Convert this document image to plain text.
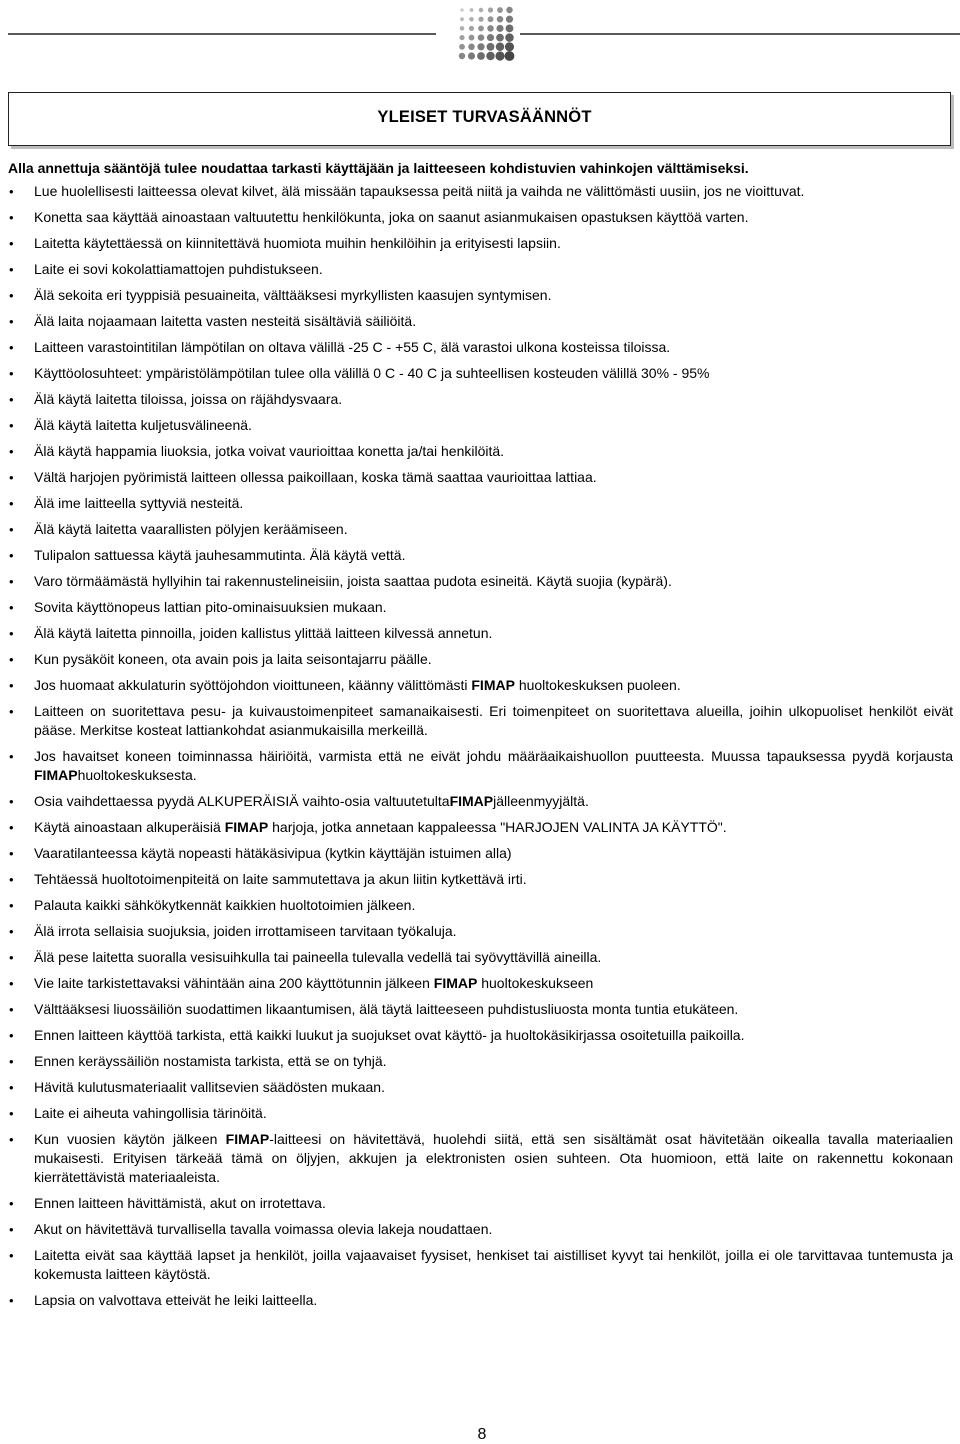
YLEISET TURVASÄÄNNÖT
Alla annettuja sääntöjä tulee noudattaa tarkasti käyttäjään ja laitteeseen kohdistuvien vahinkojen välttämiseksi.
• Lue huolellisesti laitteessa olevat kilvet, älä missään tapauksessa peitä niitä ja vaihda ne välittömästi uusiin, jos ne vioittuvat.
• Konetta saa käyttää ainoastaan valtuutettu henkilökunta, joka on saanut asianmukaisen opastuksen käyttöä varten.
• Laitetta käytettäessä on kiinnitettävä huomiota muihin henkilöihin ja erityisesti lapsiin.
• Laite ei sovi kokolattiamattojen puhdistukseen.
• Älä sekoita eri tyyppisiä pesuaineita, välttääksesi myrkyllisten kaasujen syntymisen.
• Älä laita nojaamaan laitetta vasten nesteitä sisältäviä säiliöitä.
• Laitteen varastointitilan lämpötilan on oltava välillä -25 C - +55 C, älä varastoi ulkona kosteissa tiloissa.
• Käyttöolosuhteet: ympäristölämpötilan tulee olla välillä 0 C - 40 C ja suhteellisen kosteuden välillä 30% - 95%
• Älä käytä laitetta tiloissa, joissa on räjähdysvaara.
• Älä käytä laitetta kuljetusvälineenä.
• Älä käytä happamia liuoksia, jotka voivat vaurioittaa konetta ja/tai henkilöitä.
• Vältä harjojen pyörimistä laitteen ollessa paikoillaan, koska tämä saattaa vaurioittaa lattiaa.
• Älä ime laitteella syttyviä nesteitä.
• Älä käytä laitetta vaarallisten pölyjen keräämiseen.
• Tulipalon sattuessa käytä jauhesammutinta. Älä käytä vettä.
• Varo törmäämästä hyllyihin tai rakennustelineisiin, joista saattaa pudota esineitä. Käytä suojia (kypärä).
• Sovita käyttönopeus lattian pito-ominaisuuksien mukaan.
• Älä käytä laitetta pinnoilla, joiden kallistus ylittää laitteen kilvessä annetun.
• Kun pysäköit koneen, ota avain pois ja laita seisontajarru päälle.
• Jos huomaat akkulaturin syöttöjohdon vioittuneen, käänny välittömästi FIMAP huoltokeskuksen puoleen.
• Laitteen on suoritettava pesu- ja kuivaustoimenpiteet samanaikaisesti. Eri toimenpiteet on suoritettava alueilla, joihin ulkopuoliset henkilöt eivät pääse. Merkitse kosteat lattiankohdat asianmukaisilla merkeillä.
• Jos havaitset koneen toiminnassa häiriöitä, varmista että ne eivät johdu määräaikaishuollon puutteesta. Muussa tapauksessa pyydä korjausta FIMAPhuoltokeskuksesta.
• Osia vaihdettaessa pyydä ALKUPERÄISIÄ vaihto-osia valtuutetultaFIMAPjälleenmyyjältä.
• Käytä ainoastaan alkuperäisiä FIMAP harjoja, jotka annetaan kappaleessa "HARJOJEN VALINTA JA KÄYTTÖ".
• Vaaratilanteessa käytä nopeasti hätäkäsivipua (kytkin käyttäjän istuimen alla)
• Tehtäessä huoltotoimenpiteitä on laite sammutettava ja akun liitin kytkettävä irti.
• Palauta kaikki sähkökytkennät kaikkien huoltotoimien jälkeen.
• Älä irrota sellaisia suojuksia, joiden irrottamiseen tarvitaan työkaluja.
• Älä pese laitetta suoralla vesisuihkulla tai paineella tulevalla vedellä tai syövyttävillä aineilla.
• Vie laite tarkistettavaksi vähintään aina 200 käyttötunnin jälkeen FIMAP huoltokeskukseen
• Välttääksesi liuossäiliön suodattimen likaantumisen, älä täytä laitteeseen puhdistusliuosta monta tuntia etukäteen.
• Ennen laitteen käyttöä tarkista, että kaikki luukut ja suojukset ovat käyttö- ja huoltokäsikirjassa osoitetuilla paikoilla.
• Ennen keräyssäiliön nostamista tarkista, että se on tyhjä.
• Hävitä kulutusmateriaalit vallitsevien säädösten mukaan.
• Laite ei aiheuta vahingollisia tärinöitä.
• Kun vuosien käytön jälkeen FIMAP-laitteesi on hävitettävä, huolehdi siitä, että sen sisältämät osat hävitetään oikealla tavalla materiaalien mukaisesti. Erityisen tärkeää tämä on öljyjen, akkujen ja elektronisten osien suhteen. Ota huomioon, että laite on rakennettu kokonaan kierrätettävistä materiaaleista.
• Ennen laitteen hävittämistä, akut on irrotettava.
• Akut on hävitettävä turvallisella tavalla voimassa olevia lakeja noudattaen.
• Laitetta eivät saa käyttää lapset ja henkilöt, joilla vajaavaiset fyysiset, henkiset tai aistilliset kyvyt tai henkilöt, joilla ei ole tarvittavaa tuntemusta ja kokemusta laitteen käytöstä.
• Lapsia on valvottava etteivät he leiki laitteella.
8
